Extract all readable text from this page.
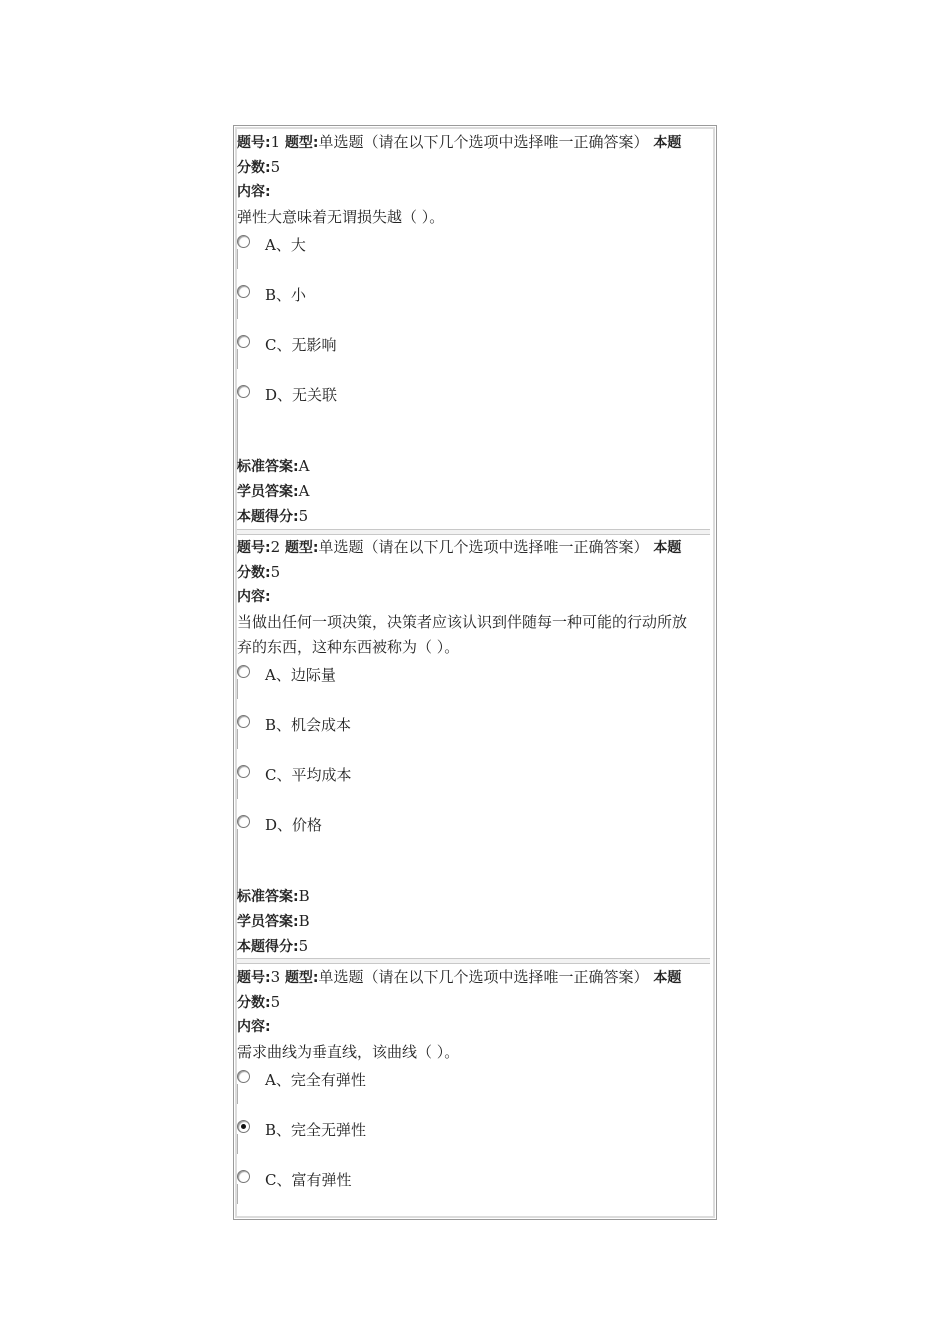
题号:1 题型:单选题（请在以下几个选项中选择唯一正确答案） 本题
分数:5
内容:
弹性大意味着无谓损失越（ ）。
A、大
B、小
C、无影响
D、无关联
标准答案:A
学员答案:A
本题得分:5
题号:2 题型:单选题（请在以下几个选项中选择唯一正确答案） 本题
分数:5
内容:
当做出任何一项决策，决策者应该认识到伴随每一种可能的行动所放
弃的东西，这种东西被称为（ ）。
A、边际量
B、机会成本
C、平均成本
D、价格
标准答案:B
学员答案:B
本题得分:5
题号:3 题型:单选题（请在以下几个选项中选择唯一正确答案） 本题
分数:5
内容:
需求曲线为垂直线，该曲线（ ）。
A、完全有弹性
B、完全无弹性
C、富有弹性
